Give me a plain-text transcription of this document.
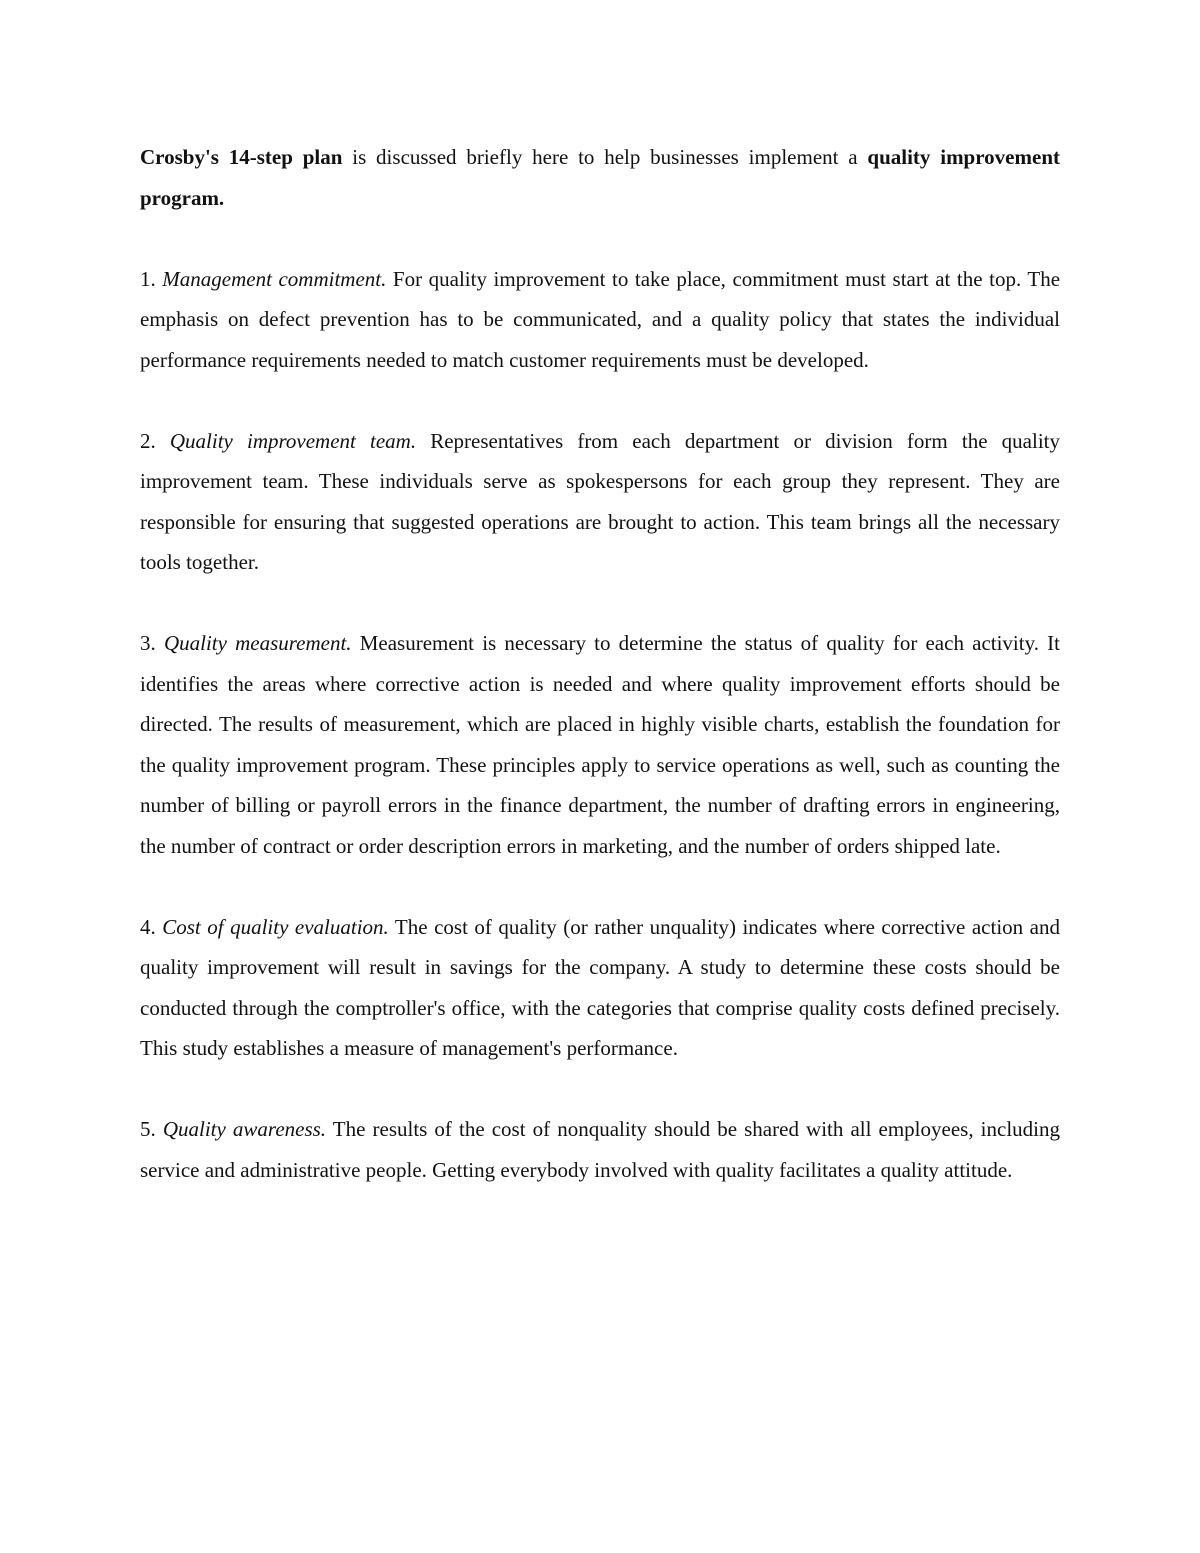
Crosby's 14-step plan is discussed briefly here to help businesses implement a quality improvement program.

1. Management commitment. For quality improvement to take place, commitment must start at the top. The emphasis on defect prevention has to be communicated, and a quality policy that states the individual performance requirements needed to match customer requirements must be developed.

2. Quality improvement team. Representatives from each department or division form the quality improvement team. These individuals serve as spokespersons for each group they represent. They are responsible for ensuring that suggested operations are brought to action. This team brings all the necessary tools together.

3. Quality measurement. Measurement is necessary to determine the status of quality for each activity. It identifies the areas where corrective action is needed and where quality improvement efforts should be directed. The results of measurement, which are placed in highly visible charts, establish the foundation for the quality improvement program. These principles apply to service operations as well, such as counting the number of billing or payroll errors in the finance department, the number of drafting errors in engineering, the number of contract or order description errors in marketing, and the number of orders shipped late.

4. Cost of quality evaluation. The cost of quality (or rather unquality) indicates where corrective action and quality improvement will result in savings for the company. A study to determine these costs should be conducted through the comptroller's office, with the categories that comprise quality costs defined precisely. This study establishes a measure of management's performance.

5. Quality awareness. The results of the cost of nonquality should be shared with all employees, including service and administrative people. Getting everybody involved with quality facilitates a quality attitude.
